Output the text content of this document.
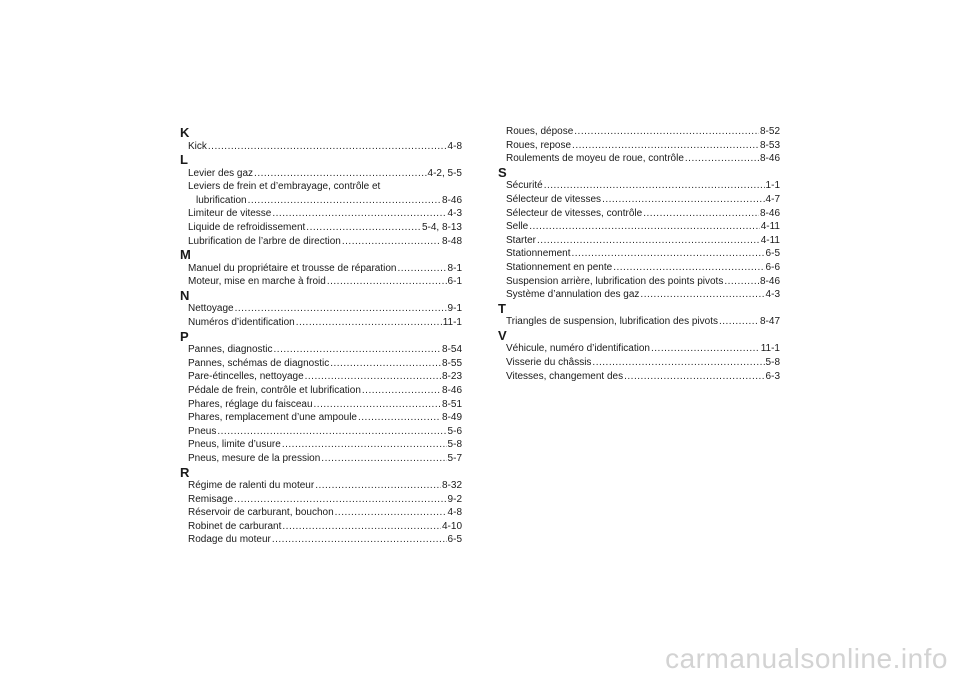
K
Kick .....	4-8
L
Levier des gaz .....	4-2, 5-5
Leviers de frein et d’embrayage, contrôle et
lubrification .....	8-46
Limiteur de vitesse .....	4-3
Liquide de refroidissement .....	5-4, 8-13
Lubrification de l’arbre de direction .....	8-48
M
Manuel du propriétaire et trousse de réparation .....	8-1
Moteur, mise en marche à froid .....	6-1
N
Nettoyage .....	9-1
Numéros d’identification .....	11-1
P
Pannes, diagnostic .....	8-54
Pannes, schémas de diagnostic .....	8-55
Pare-étincelles, nettoyage .....	8-23
Pédale de frein, contrôle et lubrification .....	8-46
Phares, réglage du faisceau .....	8-51
Phares, remplacement d’une ampoule .....	8-49
Pneus .....	5-6
Pneus, limite d’usure .....	5-8
Pneus, mesure de la pression .....	5-7
R
Régime de ralenti du moteur .....	8-32
Remisage .....	9-2
Réservoir de carburant, bouchon .....	4-8
Robinet de carburant .....	4-10
Rodage du moteur .....	6-5
Roues, dépose .....	8-52
Roues, repose .....	8-53
Roulements de moyeu de roue, contrôle .....	8-46
S
Sécurité .....	1-1
Sélecteur de vitesses .....	4-7
Sélecteur de vitesses, contrôle .....	8-46
Selle .....	4-11
Starter .....	4-11
Stationnement .....	6-5
Stationnement en pente .....	6-6
Suspension arrière, lubrification des points pivots .....	8-46
Système d’annulation des gaz .....	4-3
T
Triangles de suspension, lubrification des pivots .....	8-47
V
Véhicule, numéro d’identification .....	11-1
Visserie du châssis .....	5-8
Vitesses, changement des .....	6-3
carmanualsonline.info
